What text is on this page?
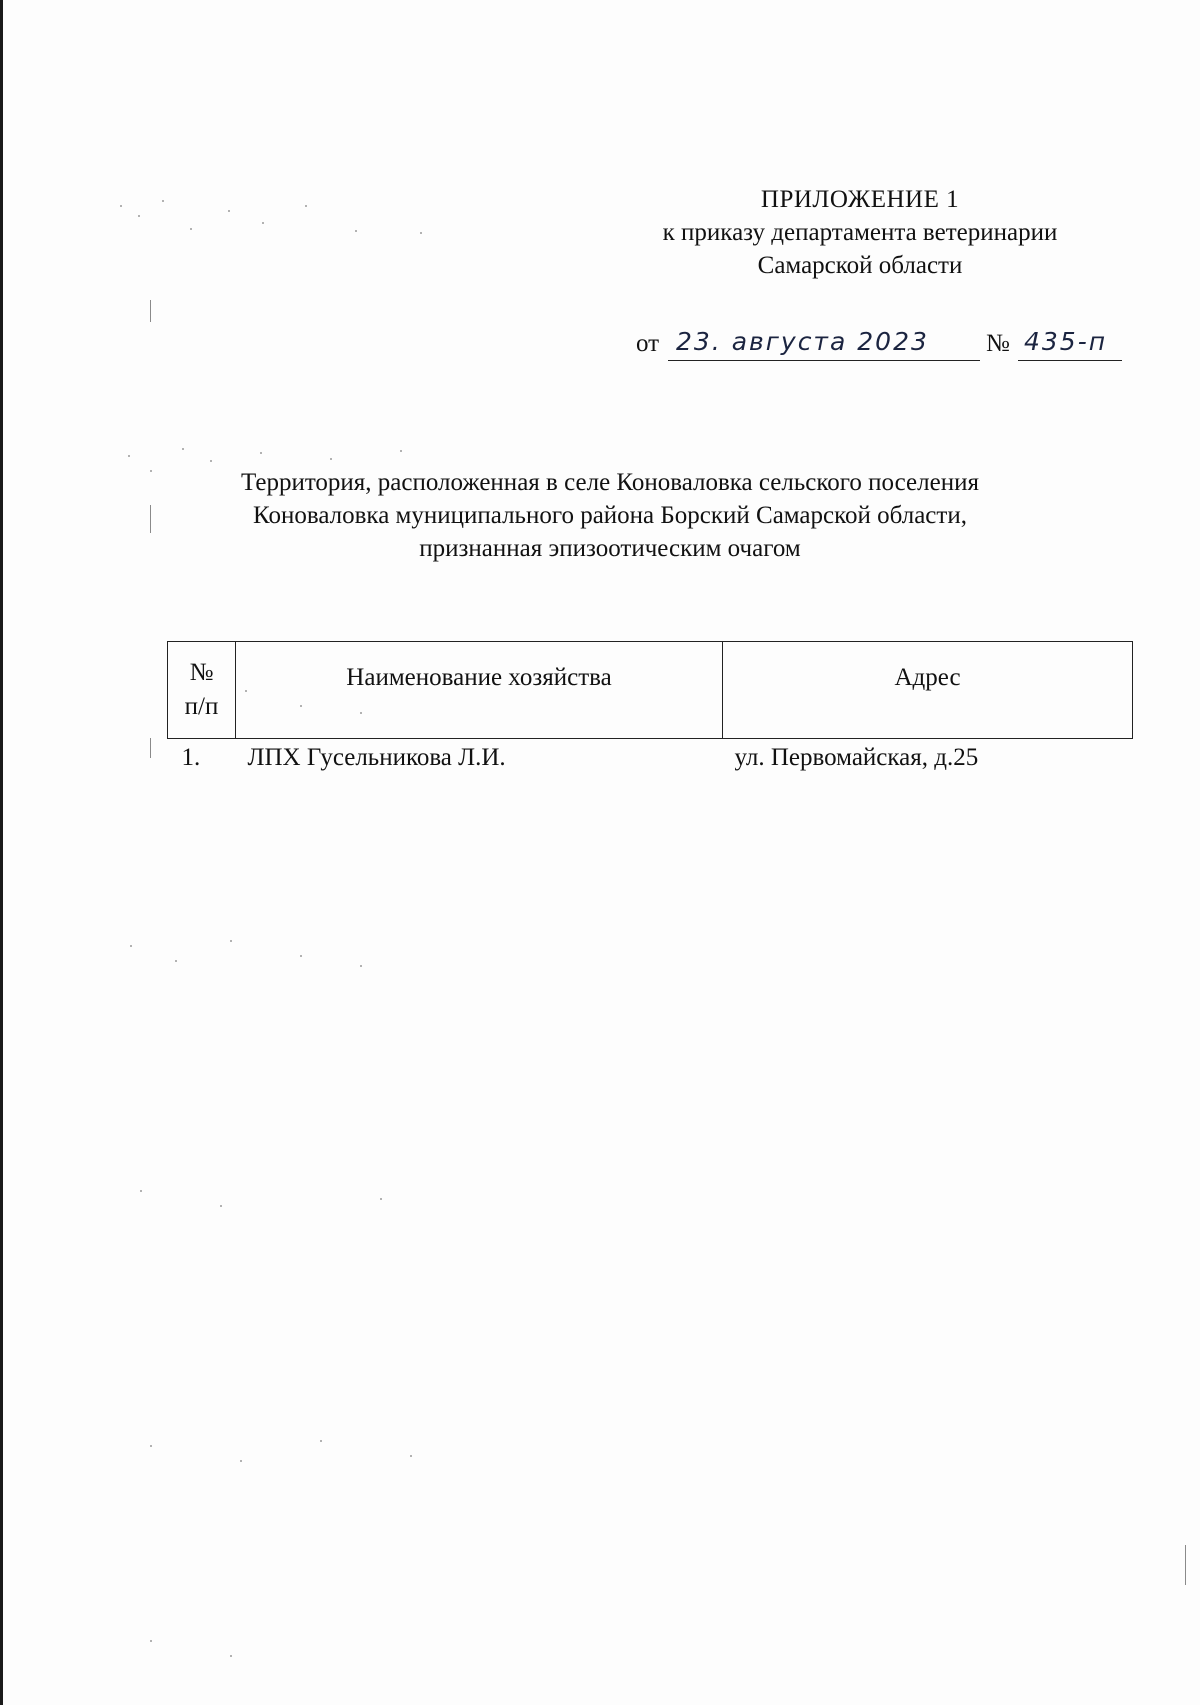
ПРИЛОЖЕНИЕ 1
к приказу департамента ветеринарии
Самарской области
от 23. августа 2023 № 435-п
Территория, расположенная в селе Коноваловка сельского поселения
Коноваловка муниципального района Борский Самарской области,
признанная эпизоотическим очагом
№
п/п	Наименование хозяйства	Адрес
1.	ЛПХ Гусельникова Л.И.	ул. Первомайская, д.25
